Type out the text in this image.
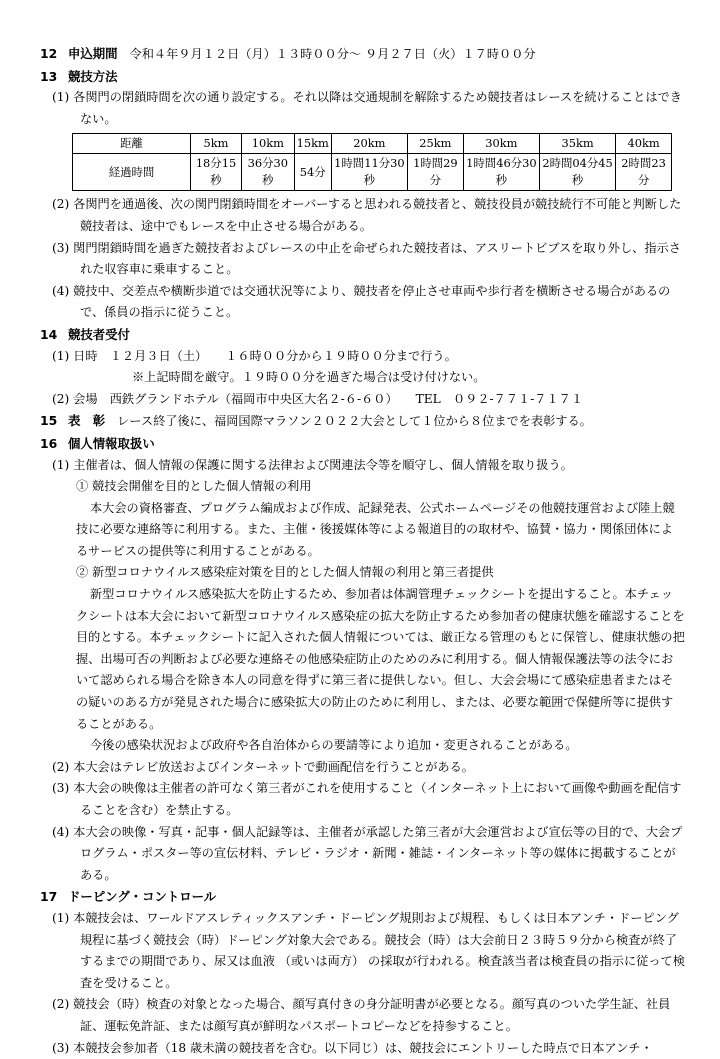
12 申込期間 令和４年９月１２日（月）１３時００分～ ９月２７日（火）１７時００分
13 競技方法
(1) 各関門の閉鎖時間を次の通り設定する。それ以降は交通規制を解除するため競技者はレースを続けることはできない。
距離	5km	10km	15km	20km	25km	30km	35km	40km
経過時間	18分15秒	36分30秒	54分	1時間11分30秒	1時間29分	1時間46分30秒	2時間04分45秒	2時間23分
(2) 各関門を通過後、次の関門閉鎖時間をオーバーすると思われる競技者と、競技役員が競技続行不可能と判断した競技者は、途中でもレースを中止させる場合がある。
(3) 関門閉鎖時間を過ぎた競技者およびレースの中止を命ぜられた競技者は、アスリートビブスを取り外し、指示された収容車に乗車すること。
(4) 競技中、交差点や横断歩道では交通状況等により、競技者を停止させ車両や歩行者を横断させる場合があるので、係員の指示に従うこと。
14 競技者受付
(1) 日時　１２月３日（土） １６時００分から１９時００分まで行う。
※上記時間を厳守。１９時００分を過ぎた場合は受け付けない。
(2) 会場　西鉄グランドホテル（福岡市中央区大名２-６-６０） TEL　０９２-７７１-７１７１
15 表　彰 レース終了後に、福岡国際マラソン２０２２大会として１位から８位までを表彰する。
16 個人情報取扱い
(1) 主催者は、個人情報の保護に関する法律および関連法令等を順守し、個人情報を取り扱う。
① 競技会開催を目的とした個人情報の利用
本大会の資格審査、プログラム編成および作成、記録発表、公式ホームページその他競技運営および陸上競技に必要な連絡等に利用する。また、主催・後援媒体等による報道目的の取材や、協賛・協力・関係団体によるサービスの提供等に利用することがある。
② 新型コロナウイルス感染症対策を目的とした個人情報の利用と第三者提供
新型コロナウイルス感染拡大を防止するため、参加者は体調管理チェックシートを提出すること。本チェックシートは本大会において新型コロナウイルス感染症の拡大を防止するため参加者の健康状態を確認することを目的とする。本チェックシートに記入された個人情報については、厳正なる管理のもとに保管し、健康状態の把握、出場可否の判断および必要な連絡その他感染症防止のためのみに利用する。個人情報保護法等の法令において認められる場合を除き本人の同意を得ずに第三者に提供しない。但し、大会会場にて感染症患者またはその疑いのある方が発見された場合に感染拡大の防止のために利用し、または、必要な範囲で保健所等に提供することがある。
今後の感染状況および政府や各自治体からの要請等により追加・変更されることがある。
(2) 本大会はテレビ放送およびインターネットで動画配信を行うことがある。
(3) 本大会の映像は主催者の許可なく第三者がこれを使用すること（インターネット上において画像や動画を配信することを含む）を禁止する。
(4) 本大会の映像・写真・記事・個人記録等は、主催者が承認した第三者が大会運営および宣伝等の目的で、大会プログラム・ポスター等の宣伝材料、テレビ・ラジオ・新聞・雑誌・インターネット等の媒体に掲載することがある。
17 ドーピング・コントロール
(1) 本競技会は、ワールドアスレティックスアンチ・ドーピング規則および規程、もしくは日本アンチ・ドーピング規程に基づく競技会（時）ドーピング対象大会である。競技会（時）は大会前日２３時５９分から検査が終了するまでの期間であり、尿又は血液 （或いは両方） の採取が行われる。検査該当者は検査員の指示に従って検査を受けること。
(2) 競技会（時）検査の対象となった場合、顔写真付きの身分証明書が必要となる。顔写真のついた学生証、社員証、運転免許証、または顔写真が鮮明なパスポートコピーなどを持参すること。
(3) 本競技会参加者（18 歳未満の競技者を含む。以下同じ）は、競技会にエントリーした時点で日本アンチ・
